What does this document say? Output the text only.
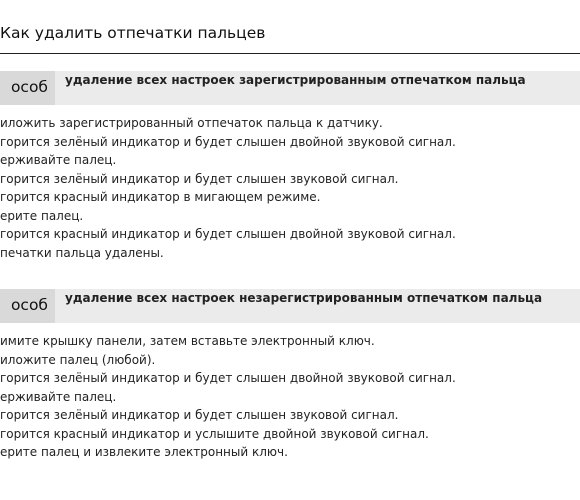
Как удалить отпечатки пальцев
особ удаление всех настроек зарегистрированным отпечатком пальца
иложить зарегистрированный отпечаток пальца к датчику.
горится зелёный индикатор и будет слышен двойной звуковой сигнал.
ерживайте палец.
горится зелёный индикатор и будет слышен звуковой сигнал.
горится красный индикатор в мигающем режиме.
ерите палец.
горится красный индикатор и будет слышен двойной звуковой сигнал.
печатки пальца удалены.
особ удаление всех настроек незарегистрированным отпечатком пальца
имите крышку панели, затем вставьте электронный ключ.
иложите палец (любой).
горится зелёный индикатор и будет слышен двойной звуковой сигнал.
ерживайте палец.
горится зелёный индикатор и будет слышен звуковой сигнал.
горится красный индикатор и услышите двойной звуковой сигнал.
ерите палец и извлеките электронный ключ.
